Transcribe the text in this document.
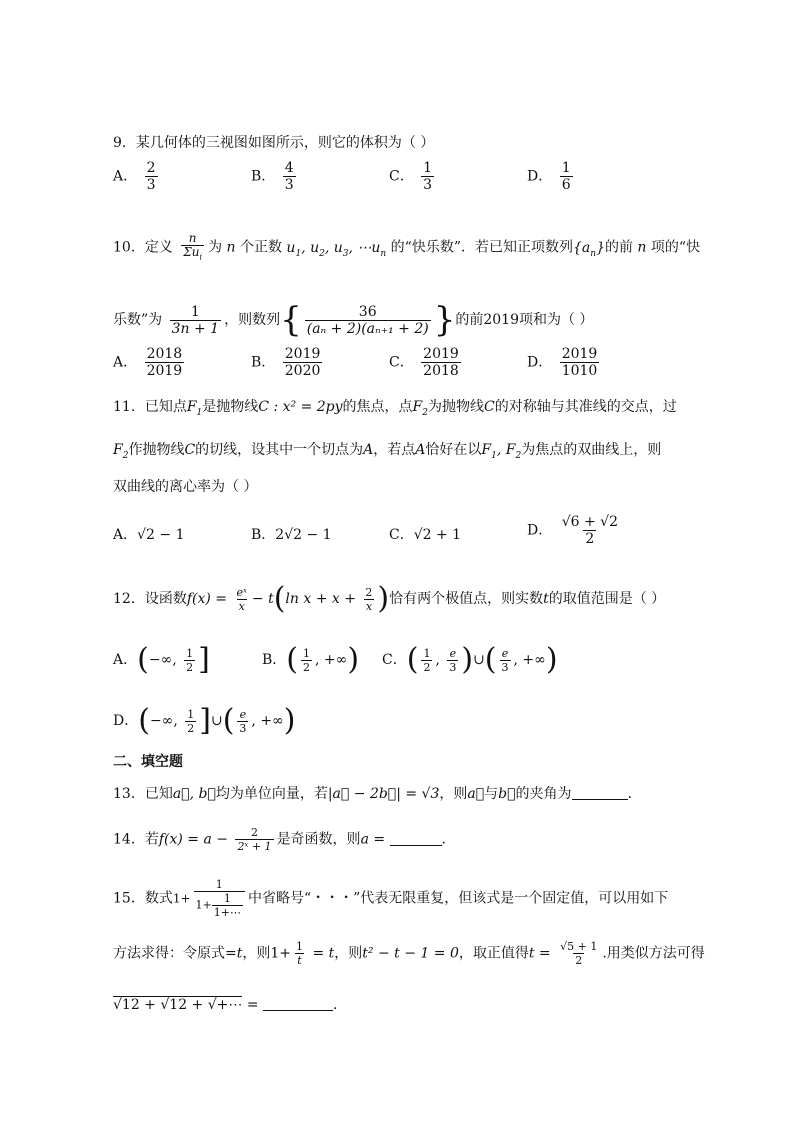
9．某几何体的三视图如图所示，则它的体积为（ ）
A． $\frac{2}{3}$	B． $\frac{4}{3}$	C． $\frac{1}{3}$	D． $\frac{1}{6}$
10．定义 $\frac{n}{\Sigma u_i}$ 为 n 个正数 $u_1$, $u_2$, $u_3$, $\cdots u_n$ 的“快乐数”．若已知正项数列$\{a_n\}$的前 n 项的“快
乐数”为 $\frac{1}{3n + 1}$ ，则数列{ $\frac{36}{\text{(aₙ + 2)(aₙ₊₁ + 2)}}$ }的前2019项和为（ ）
A． $\frac{2018}{2019}$	B． $\frac{2019}{2020}$	C． $\frac{2019}{2018}$	D． $\frac{2019}{1010}$
11．已知点$F_1$是抛物线C : x² = 2py的焦点，点$F_2$为抛物线C的对称轴与其准线的交点，过
$F_2$作抛物线C的切线，设其中一个切点为A，若点A恰好在以$F_1$, $F_2$为焦点的双曲线上，则
双曲线的离心率为（ ）
A．√2 − 1	B．2√2 − 1	C．√2 + 1	D． $\frac{√6 + √2}{2}$
12．设函数$f(x) = \frac{\text{eˣ}}{x} - t(\ln$ $x + x + \frac{2}{x}$ )恰有两个极值点，则实数t的取值范围是（ ）
A．(−∞, $\frac{1}{2}$ ]	B．( $\frac{1}{2}$ , +∞) C．( $\frac{1}{2}$ , $\frac{e}{3}$ )∪( $\frac{e}{3}$ , +∞)
D．(−∞, $\frac{1}{2}$ ]∪( $\frac{e}{3}$ , +∞)
二、填空题
13．已知a⃗, b⃗均为单位向量，若|a⃗ − 2b⃗| = √3，则a⃗与b⃗的夹角为	.
14．若$f(x) = a - \frac{2}{\text{2ˣ + 1}}$ 是奇函数，则a =	.
15．数式$1+ \frac{1}{1+ \frac{1}{1+\cdots}}$ 中省略号“・・・”代表无限重复，但该式是一个固定值，可以用如下
方法求得：令原式=t，则$1+ \frac{1}{t} = t$，则t² − t − 1 = 0，取正值得$t = \frac{√5 + 1}{2}$ .用类似方法可得
√12 + √12 + √+⋯ =	.
